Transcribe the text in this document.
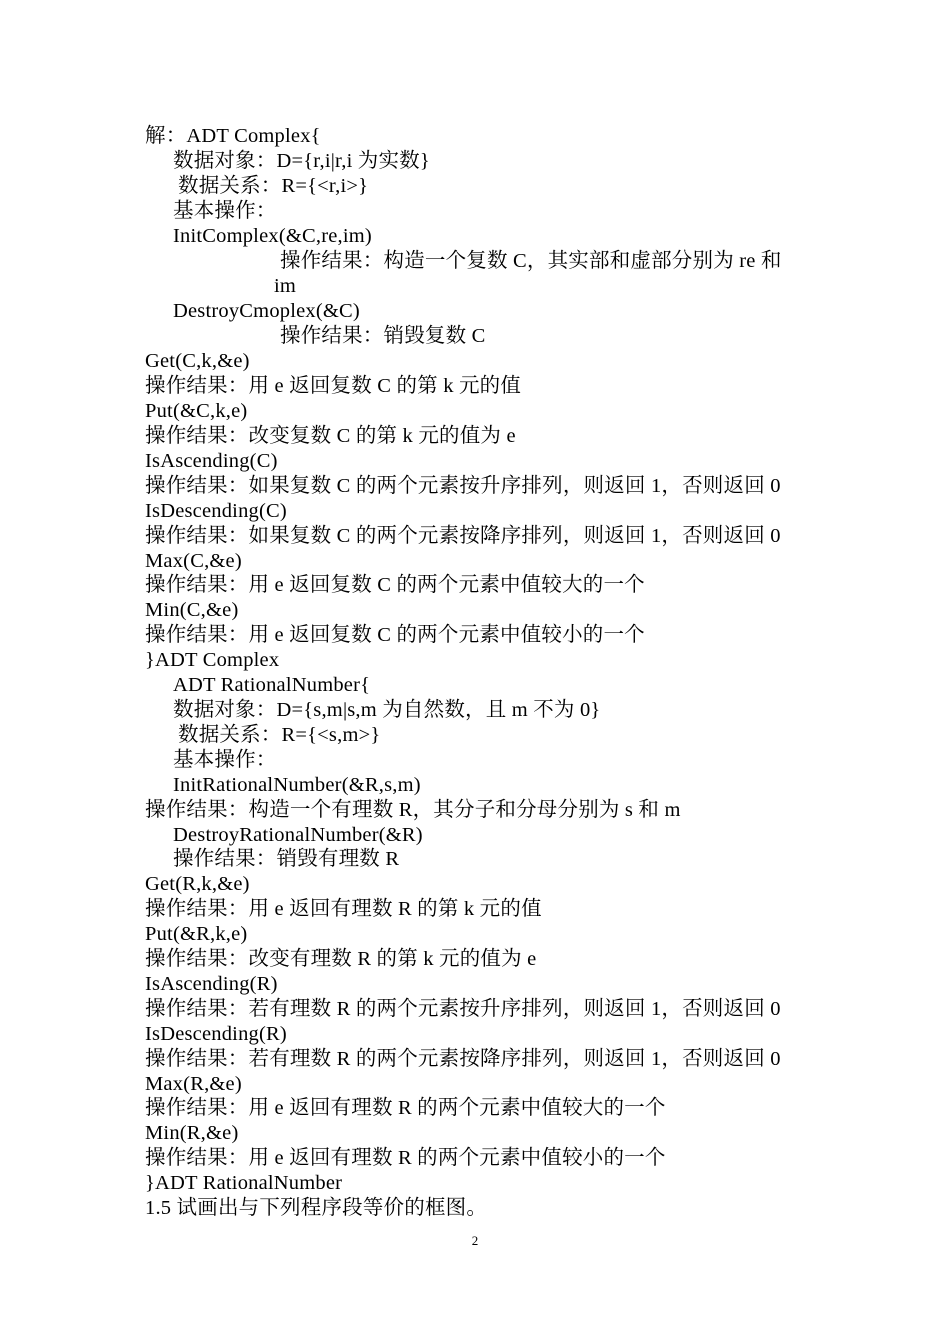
解：ADT Complex{
数据对象：D={r,i|r,i 为实数}
数据关系：R={<r,i>}
基本操作：
InitComplex(&C,re,im)
操作结果：构造一个复数 C，其实部和虚部分别为 re 和
im
DestroyCmoplex(&C)
操作结果：销毁复数 C
Get(C,k,&e)
操作结果：用 e 返回复数 C 的第 k 元的值
Put(&C,k,e)
操作结果：改变复数 C 的第 k 元的值为 e
IsAscending(C)
操作结果：如果复数 C 的两个元素按升序排列，则返回 1，否则返回 0
IsDescending(C)
操作结果：如果复数 C 的两个元素按降序排列，则返回 1，否则返回 0
Max(C,&e)
操作结果：用 e 返回复数 C 的两个元素中值较大的一个
Min(C,&e)
操作结果：用 e 返回复数 C 的两个元素中值较小的一个
}ADT Complex
ADT RationalNumber{
数据对象：D={s,m|s,m 为自然数，且 m 不为 0}
数据关系：R={<s,m>}
基本操作：
InitRationalNumber(&R,s,m)
操作结果：构造一个有理数 R，其分子和分母分别为 s 和 m
DestroyRationalNumber(&R)
操作结果：销毁有理数 R
Get(R,k,&e)
操作结果：用 e 返回有理数 R 的第 k 元的值
Put(&R,k,e)
操作结果：改变有理数 R 的第 k 元的值为 e
IsAscending(R)
操作结果：若有理数 R 的两个元素按升序排列，则返回 1，否则返回 0
IsDescending(R)
操作结果：若有理数 R 的两个元素按降序排列，则返回 1，否则返回 0
Max(R,&e)
操作结果：用 e 返回有理数 R 的两个元素中值较大的一个
Min(R,&e)
操作结果：用 e 返回有理数 R 的两个元素中值较小的一个
}ADT RationalNumber
1.5 试画出与下列程序段等价的框图。
2
